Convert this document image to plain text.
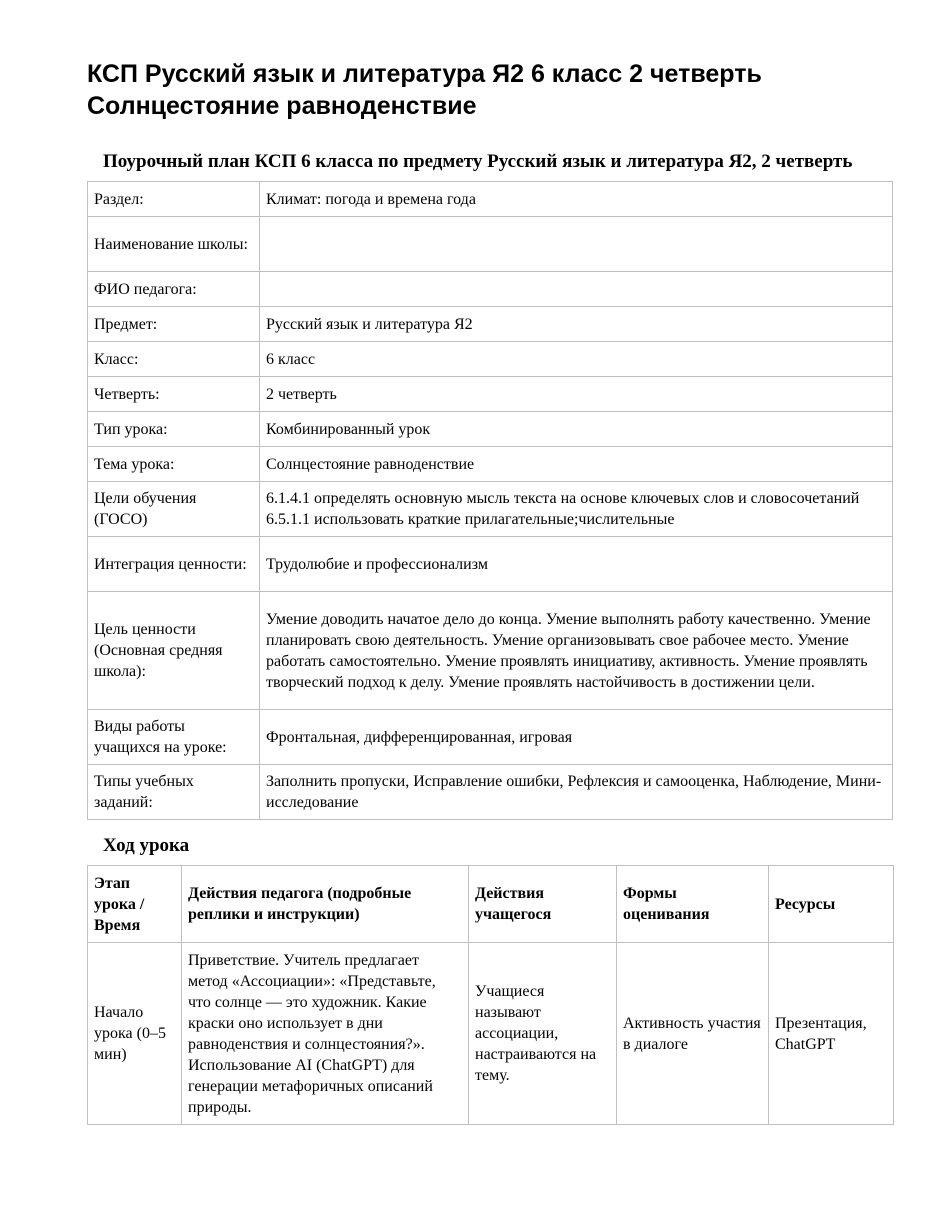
КСП Русский язык и литература Я2 6 класс 2 четверть
Солнцестояние равноденствие
Поурочный план КСП 6 класса по предмету Русский язык и литература Я2, 2 четверть
Раздел:	Климат: погода и времена года
Наименование школы:	
ФИО педагога:	
Предмет:	Русский язык и литература Я2
Класс:	6 класс
Четверть:	2 четверть
Тип урока:	Комбинированный урок
Тема урока:	Солнцестояние равноденствие
Цели обучения (ГОСО)	6.1.4.1 определять основную мысль текста на основе ключевых слов и словосочетаний 6.5.1.1 использовать краткие прилагательные;числительные
Интеграция ценности:	Трудолюбие и профессионализм
Цель ценности (Основная средняя школа):	Умение доводить начатое дело до конца. Умение выполнять работу качественно. Умение планировать свою деятельность. Умение организовывать свое рабочее место. Умение работать самостоятельно. Умение проявлять инициативу, активность. Умение проявлять творческий подход к делу. Умение проявлять настойчивость в достижении цели.
Виды работы учащихся на уроке:	Фронтальная, дифференцированная, игровая
Типы учебных заданий:	Заполнить пропуски, Исправление ошибки, Рефлексия и самооценка, Наблюдение, Мини-исследование
Ход урока
Этап урока / Время	Действия педагога (подробные реплики и инструкции)	Действия учащегося	Формы оценивания	Ресурсы
Начало урока (0–5 мин)	Приветствие. Учитель предлагает метод «Ассоциации»: «Представьте, что солнце — это художник. Какие краски оно использует в дни равноденствия и солнцестояния?». Использование AI (ChatGPT) для генерации метафоричных описаний природы.	Учащиеся называют ассоциации, настраиваются на тему.	Активность участия в диалоге	Презентация, ChatGPT
